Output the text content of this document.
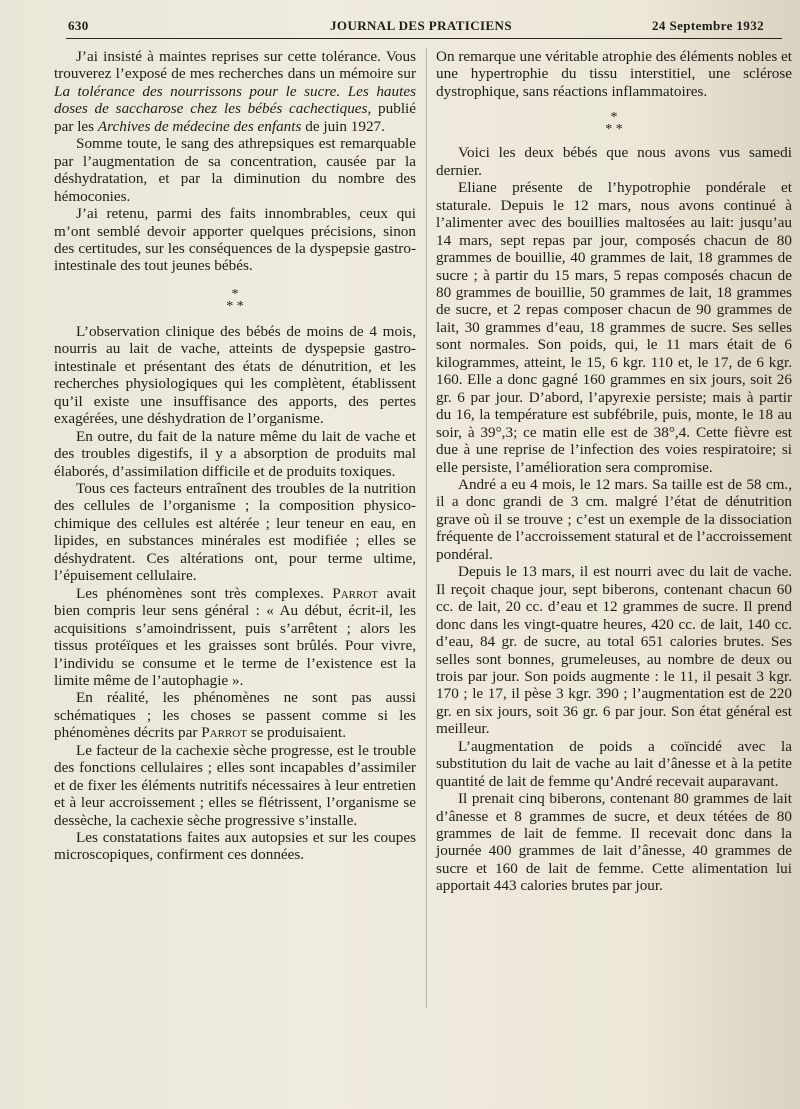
630	JOURNAL DES PRATICIENS	24 Septembre 1932

J’ai insisté à maintes reprises sur cette tolérance. Vous trouverez l’exposé de mes recherches dans un mémoire sur La tolérance des nourrissons pour le sucre. Les hautes doses de saccharose chez les bébés cachectiques, publié par les Archives de médecine des enfants de juin 1927.

Somme toute, le sang des athrepsiques est remarquable par l’augmentation de sa concentration, causée par la déshydratation, et par la diminution du nombre des hémoconies.

J’ai retenu, parmi des faits innombrables, ceux qui m’ont semblé devoir apporter quelques précisions, sinon des certitudes, sur les conséquences de la dyspepsie gastro-intestinale des tout jeunes bébés.

*
* *

L’observation clinique des bébés de moins de 4 mois, nourris au lait de vache, atteints de dyspepsie gastro-intestinale et présentant des états de dénutrition, et les recherches physiologiques qui les complètent, établissent qu’il existe une insuffisance des apports, des pertes exagérées, une déshydration de l’organisme.

En outre, du fait de la nature même du lait de vache et des troubles digestifs, il y a absorption de produits mal élaborés, d’assimilation difficile et de produits toxiques.

Tous ces facteurs entraînent des troubles de la nutrition des cellules de l’organisme ; la composition physico-chimique des cellules est altérée ; leur teneur en eau, en lipides, en substances minérales est modifiée ; elles se déshydratent. Ces altérations ont, pour terme ultime, l’épuisement cellulaire.

Les phénomènes sont très complexes. Parrot avait bien compris leur sens général : « Au début, écrit-il, les acquisitions s’amoindrissent, puis s’arrêtent ; alors les tissus protéïques et les graisses sont brûlés. Pour vivre, l’individu se consume et le terme de l’existence est la limite même de l’autophagie ».

En réalité, les phénomènes ne sont pas aussi schématiques ; les choses se passent comme si les phénomènes décrits par Parrot se produisaient.

Le facteur de la cachexie sèche progresse, est le trouble des fonctions cellulaires ; elles sont incapables d’assimiler et de fixer les éléments nutritifs nécessaires à leur entretien et à leur accroissement ; elles se flétrissent, l’organisme se dessèche, la cachexie sèche progressive s’installe.

Les constatations faites aux autopsies et sur les coupes microscopiques, confirment ces données.

On remarque une véritable atrophie des éléments nobles et une hypertrophie du tissu interstitiel, une sclérose dystrophique, sans réactions inflammatoires.

*
* *

Voici les deux bébés que nous avons vus samedi dernier.

Eliane présente de l’hypotrophie pondérale et staturale. Depuis le 12 mars, nous avons continué à l’alimenter avec des bouillies maltosées au lait: jusqu’au 14 mars, sept repas par jour, composés chacun de 80 grammes de bouillie, 40 grammes de lait, 18 grammes de sucre ; à partir du 15 mars, 5 repas composés chacun de 80 grammes de bouillie, 50 grammes de lait, 18 grammes de sucre, et 2 repas composer chacun de 90 grammes de lait, 30 grammes d’eau, 18 grammes de sucre. Ses selles sont normales. Son poids, qui, le 11 mars était de 6 kilogrammes, atteint, le 15, 6 kgr. 110 et, le 17, de 6 kgr. 160. Elle a donc gagné 160 grammes en six jours, soit 26 gr. 6 par jour. D’abord, l’apyrexie persiste; mais à partir du 16, la température est subfébrile, puis, monte, le 18 au soir, à 39°,3; ce matin elle est de 38°,4. Cette fièvre est due à une reprise de l’infection des voies respiratoire; si elle persiste, l’amélioration sera compromise.

André a eu 4 mois, le 12 mars. Sa taille est de 58 cm., il a donc grandi de 3 cm. malgré l’état de dénutrition grave où il se trouve ; c’est un exemple de la dissociation fréquente de l’accroissement statural et de l’accroissement pondéral.

Depuis le 13 mars, il est nourri avec du lait de vache. Il reçoit chaque jour, sept biberons, contenant chacun 60 cc. de lait, 20 cc. d’eau et 12 grammes de sucre. Il prend donc dans les vingt-quatre heures, 420 cc. de lait, 140 cc. d’eau, 84 gr. de sucre, au total 651 calories brutes. Ses selles sont bonnes, grumeleuses, au nombre de deux ou trois par jour. Son poids augmente : le 11, il pesait 3 kgr. 170 ; le 17, il pèse 3 kgr. 390 ; l’augmentation est de 220 gr. en six jours, soit 36 gr. 6 par jour. Son état général est meilleur.

L’augmentation de poids a coïncidé avec la substitution du lait de vache au lait d’ânesse et à la petite quantité de lait de femme qu’André recevait auparavant.

Il prenait cinq biberons, contenant 80 grammes de lait d’ânesse et 8 grammes de sucre, et deux tétées de 80 grammes de lait de femme. Il recevait donc dans la journée 400 grammes de lait d’ânesse, 40 grammes de sucre et 160 de lait de femme. Cette alimentation lui apportait 443 calories brutes par jour.
